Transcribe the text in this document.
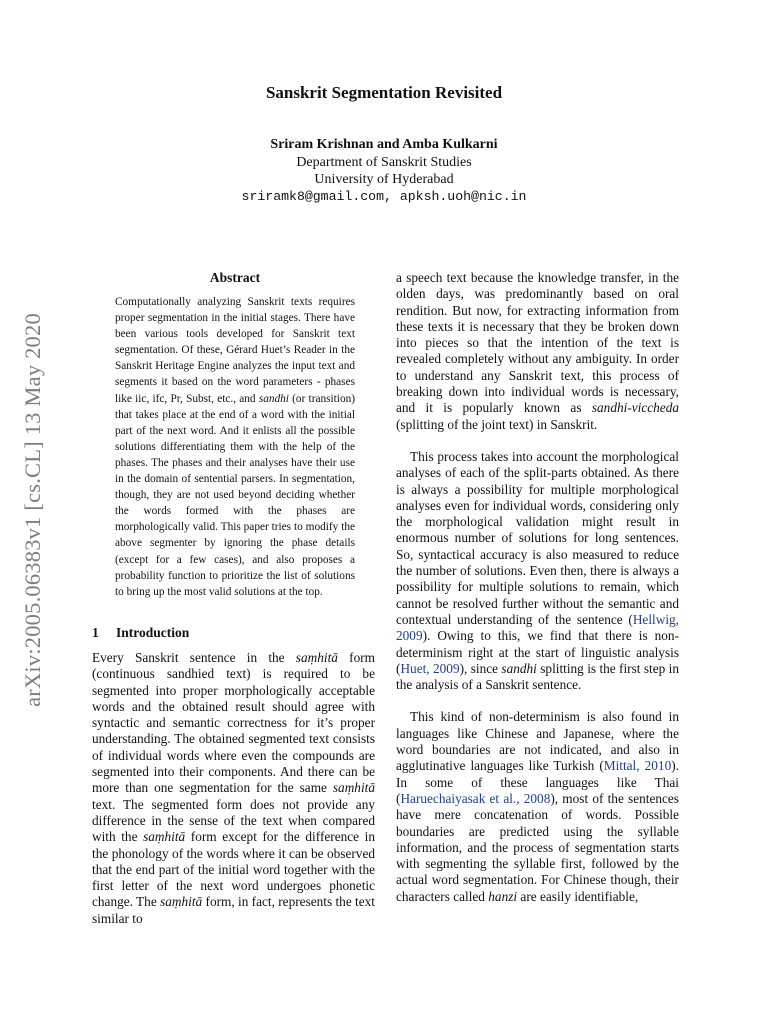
arXiv:2005.06383v1 [cs.CL] 13 May 2020
Sanskrit Segmentation Revisited
Sriram Krishnan and Amba Kulkarni
Department of Sanskrit Studies
University of Hyderabad
sriramk8@gmail.com, apksh.uoh@nic.in
Abstract
Computationally analyzing Sanskrit texts requires proper segmentation in the initial stages. There have been various tools developed for Sanskrit text segmentation. Of these, Gérard Huet’s Reader in the Sanskrit Heritage Engine analyzes the input text and segments it based on the word parameters - phases like iic, ifc, Pr, Subst, etc., and sandhi (or transition) that takes place at the end of a word with the initial part of the next word. And it enlists all the possible solutions differentiating them with the help of the phases. The phases and their analyses have their use in the domain of sentential parsers. In segmentation, though, they are not used beyond deciding whether the words formed with the phases are morphologically valid. This paper tries to modify the above segmenter by ignoring the phase details (except for a few cases), and also proposes a probability function to prioritize the list of solutions to bring up the most valid solutions at the top.
1 Introduction
Every Sanskrit sentence in the saṃhitā form (continuous sandhied text) is required to be segmented into proper morphologically acceptable words and the obtained result should agree with syntactic and semantic correctness for it’s proper understanding. The obtained segmented text consists of individual words where even the compounds are segmented into their components. And there can be more than one segmentation for the same saṃhitā text. The segmented form does not provide any difference in the sense of the text when compared with the saṃhitā form except for the difference in the phonology of the words where it can be observed that the end part of the initial word together with the first letter of the next word undergoes phonetic change. The saṃhitā form, in fact, represents the text similar to

a speech text because the knowledge transfer, in the olden days, was predominantly based on oral rendition. But now, for extracting information from these texts it is necessary that they be broken down into pieces so that the intention of the text is revealed completely without any ambiguity. In order to understand any Sanskrit text, this process of breaking down into individual words is necessary, and it is popularly known as sandhi-viccheda (splitting of the joint text) in Sanskrit.

This process takes into account the morphological analyses of each of the split-parts obtained. As there is always a possibility for multiple morphological analyses even for individual words, considering only the morphological validation might result in enormous number of solutions for long sentences. So, syntactical accuracy is also measured to reduce the number of solutions. Even then, there is always a possibility for multiple solutions to remain, which cannot be resolved further without the semantic and contextual understanding of the sentence (Hellwig, 2009). Owing to this, we find that there is non-determinism right at the start of linguistic analysis (Huet, 2009), since sandhi splitting is the first step in the analysis of a Sanskrit sentence.

This kind of non-determinism is also found in languages like Chinese and Japanese, where the word boundaries are not indicated, and also in agglutinative languages like Turkish (Mittal, 2010). In some of these languages like Thai (Haruechaiyasak et al., 2008), most of the sentences have mere concatenation of words. Possible boundaries are predicted using the syllable information, and the process of segmentation starts with segmenting the syllable first, followed by the actual word segmentation. For Chinese though, their characters called hanzi are easily identifiable,
